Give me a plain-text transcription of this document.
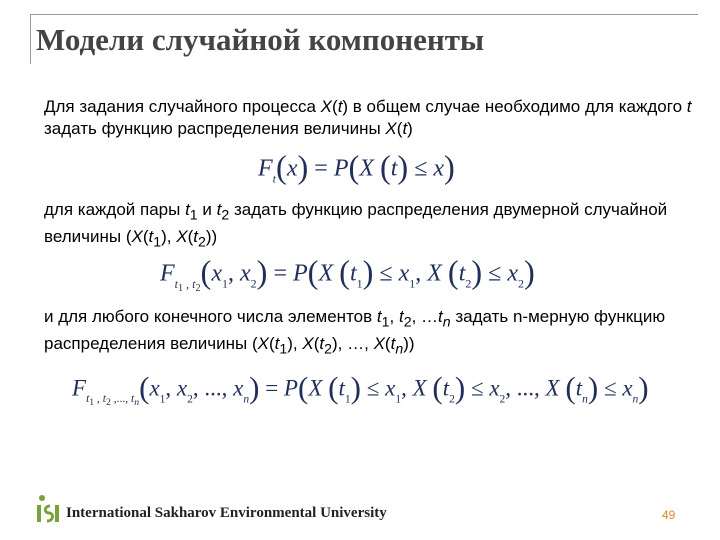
Модели случайной компоненты

Для задания случайного процесса X(t) в общем случае необходимо для каждого t задать функцию распределения величины X(t)

$F_t(x) = P(X$ (t) ≤ x)

для каждой пары $t_1$ и $t_2$ задать функцию распределения двумерной случайной величины ($X(t_1)$, $X(t_2)$)

$F_{t_1 , t_2}(x_1$, $x_2) = P(X$ $(t_1) \le x_1$, X $(t_2) \le x_2$)

и для любого конечного числа элементов $t_1$, $t_2$, $\dots t_n$ задать n-мерную функцию распределения величины ($X(t_1)$, $X(t_2)$, …, $X(t_n)$)

$F_{t_1 , t_2 ,..., t_n}(x_1$, $x_2$, ..., $x_n) = P(X$ $(t_1) \le x_1$, X $(t_2) \le x_2$, ..., X $(t_n) \le x_n$)
International Sakharov Environmental University	49
